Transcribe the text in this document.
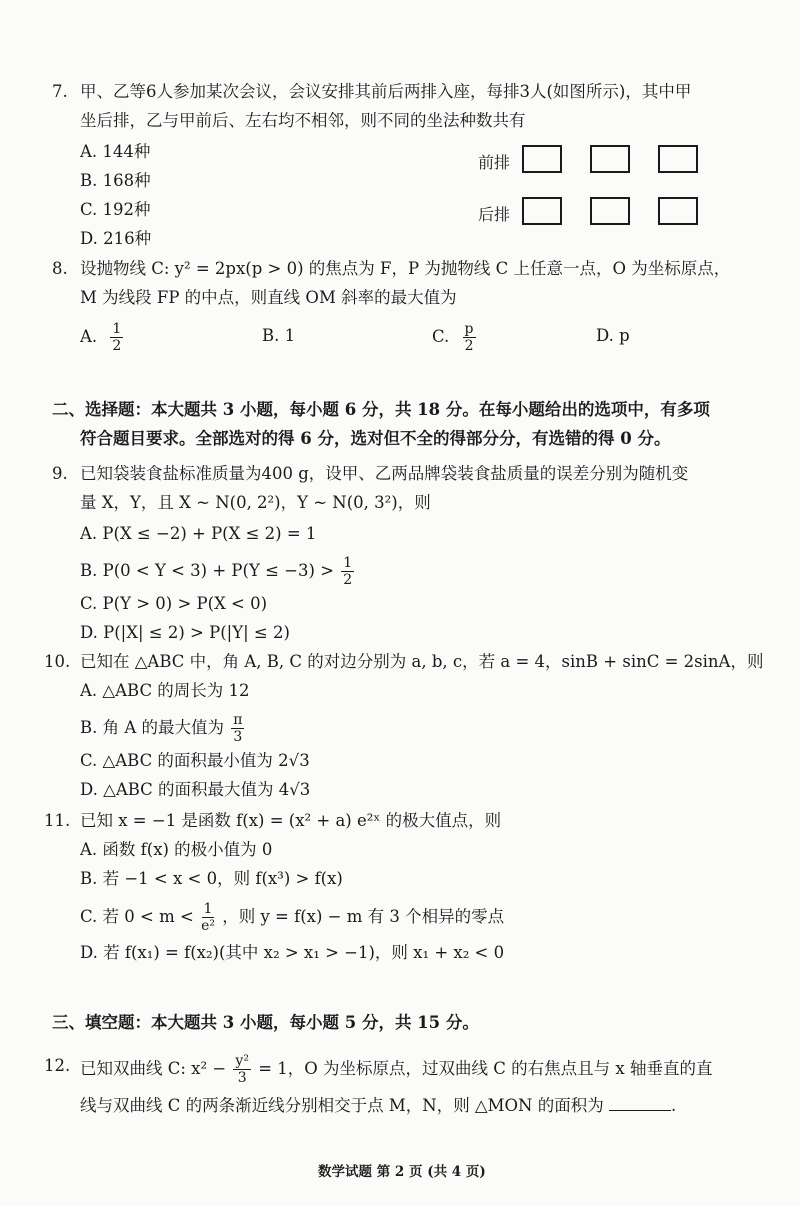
7. 甲、乙等6人参加某次会议，会议安排其前后两排入座，每排3人(如图所示)，其中甲
坐后排，乙与甲前后、左右均不相邻，则不同的坐法种数共有
A. 144种
B. 168种
C. 192种
D. 216种
前排
后排
8. 设抛物线 C: y² = 2px(p > 0) 的焦点为 F，P 为抛物线 C 上任意一点，O 为坐标原点，
M 为线段 FP 的中点，则直线 OM 斜率的最大值为
A. $\frac{1}{2}$	B. 1	C. $\frac{p}{2}$	D. p
二、选择题：本大题共 3 小题，每小题 6 分，共 18 分。在每小题给出的选项中，有多项
符合题目要求。全部选对的得 6 分，选对但不全的得部分分，有选错的得 0 分。
9. 已知袋装食盐标准质量为400 g，设甲、乙两品牌袋装食盐质量的误差分别为随机变
量 X，Y，且 X ~ N(0, 2²)，Y ~ N(0, 3²)，则
A. P(X ≤ −2) + P(X ≤ 2) = 1
B. $P(0 < Y < 3) + P(Y \le -3) > \frac{1}{2}$
C. P(Y > 0) > P(X < 0)
D. P(|X| ≤ 2) > P(|Y| ≤ 2)
10. 已知在 △ABC 中，角 A, B, C 的对边分别为 a, b, c，若 a = 4，sinB + sinC = 2sinA，则
A. △ABC 的周长为 12
B. 角 A 的最大值为 $\frac{\pi}{3}$
C. △ABC 的面积最小值为 2√3
D. △ABC 的面积最大值为 4√3
11. 已知 x = −1 是函数 f(x) = (x² + a) e²ˣ 的极大值点，则
A. 函数 f(x) 的极小值为 0
B. 若 −1 < x < 0，则 f(x³) > f(x)
C. 若 $0 < m < \frac{1}{\text{e²}}$ ，则 y = f(x) − m 有 3 个相异的零点
D. 若 f(x₁) = f(x₂)(其中 x₂ > x₁ > −1)，则 x₁ + x₂ < 0
三、填空题：本大题共 3 小题，每小题 5 分，共 15 分。
12. 已知双曲线 C: $x^2 - \frac{\text{y²}}{3} = 1$，O 为坐标原点，过双曲线 C 的右焦点且与 x 轴垂直的直
线与双曲线 C 的两条渐近线分别相交于点 M，N，则 △MON 的面积为	.
数学试题 第 2 页 (共 4 页)
